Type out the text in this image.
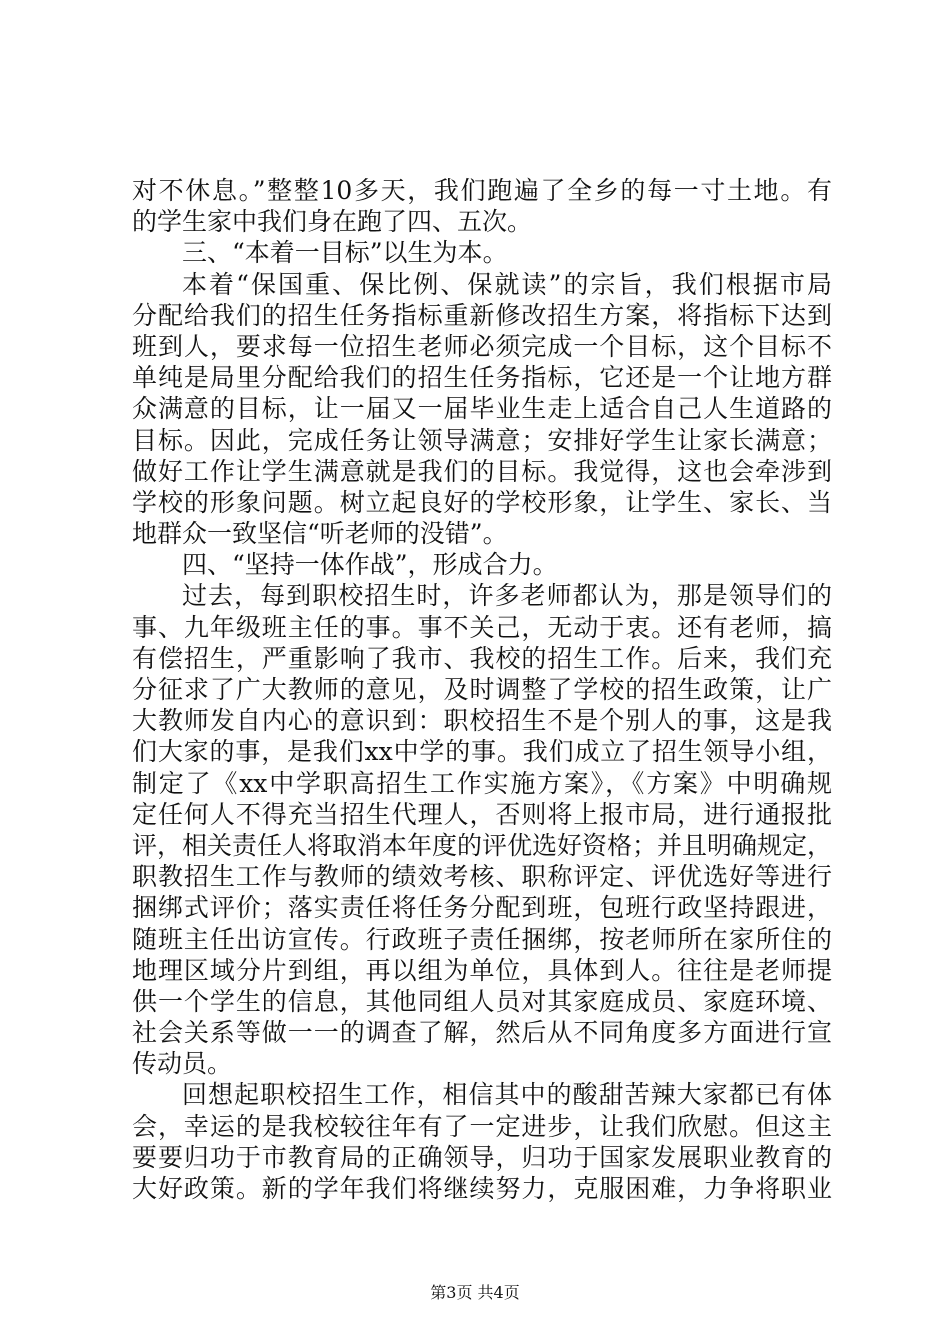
对不休息。”整整10多天，我们跑遍了全乡的每一寸土地。有
的学生家中我们身在跑了四、五次。
三、“本着一目标”以生为本。
本着“保国重、保比例、保就读”的宗旨，我们根据市局
分配给我们的招生任务指标重新修改招生方案，将指标下达到
班到人，要求每一位招生老师必须完成一个目标，这个目标不
单纯是局里分配给我们的招生任务指标，它还是一个让地方群
众满意的目标，让一届又一届毕业生走上适合自己人生道路的
目标。因此，完成任务让领导满意；安排好学生让家长满意；
做好工作让学生满意就是我们的目标。我觉得，这也会牵涉到
学校的形象问题。树立起良好的学校形象，让学生、家长、当
地群众一致坚信“听老师的没错”。
四、“坚持一体作战”，形成合力。
过去，每到职校招生时，许多老师都认为，那是领导们的
事、九年级班主任的事。事不关己，无动于衷。还有老师，搞
有偿招生，严重影响了我市、我校的招生工作。后来，我们充
分征求了广大教师的意见，及时调整了学校的招生政策，让广
大教师发自内心的意识到：职校招生不是个别人的事，这是我
们大家的事，是我们xx中学的事。我们成立了招生领导小组，
制定了《xx中学职高招生工作实施方案》，《方案》中明确规
定任何人不得充当招生代理人，否则将上报市局，进行通报批
评，相关责任人将取消本年度的评优选好资格；并且明确规定，
职教招生工作与教师的绩效考核、职称评定、评优选好等进行
捆绑式评价；落实责任将任务分配到班，包班行政坚持跟进，
随班主任出访宣传。行政班子责任捆绑，按老师所在家所住的
地理区域分片到组，再以组为单位，具体到人。往往是老师提
供一个学生的信息，其他同组人员对其家庭成员、家庭环境、
社会关系等做一一的调查了解，然后从不同角度多方面进行宣
传动员。
回想起职校招生工作，相信其中的酸甜苦辣大家都已有体
会，幸运的是我校较往年有了一定进步，让我们欣慰。但这主
要要归功于市教育局的正确领导，归功于国家发展职业教育的
大好政策。新的学年我们将继续努力，克服困难，力争将职业
第3页 共4页
